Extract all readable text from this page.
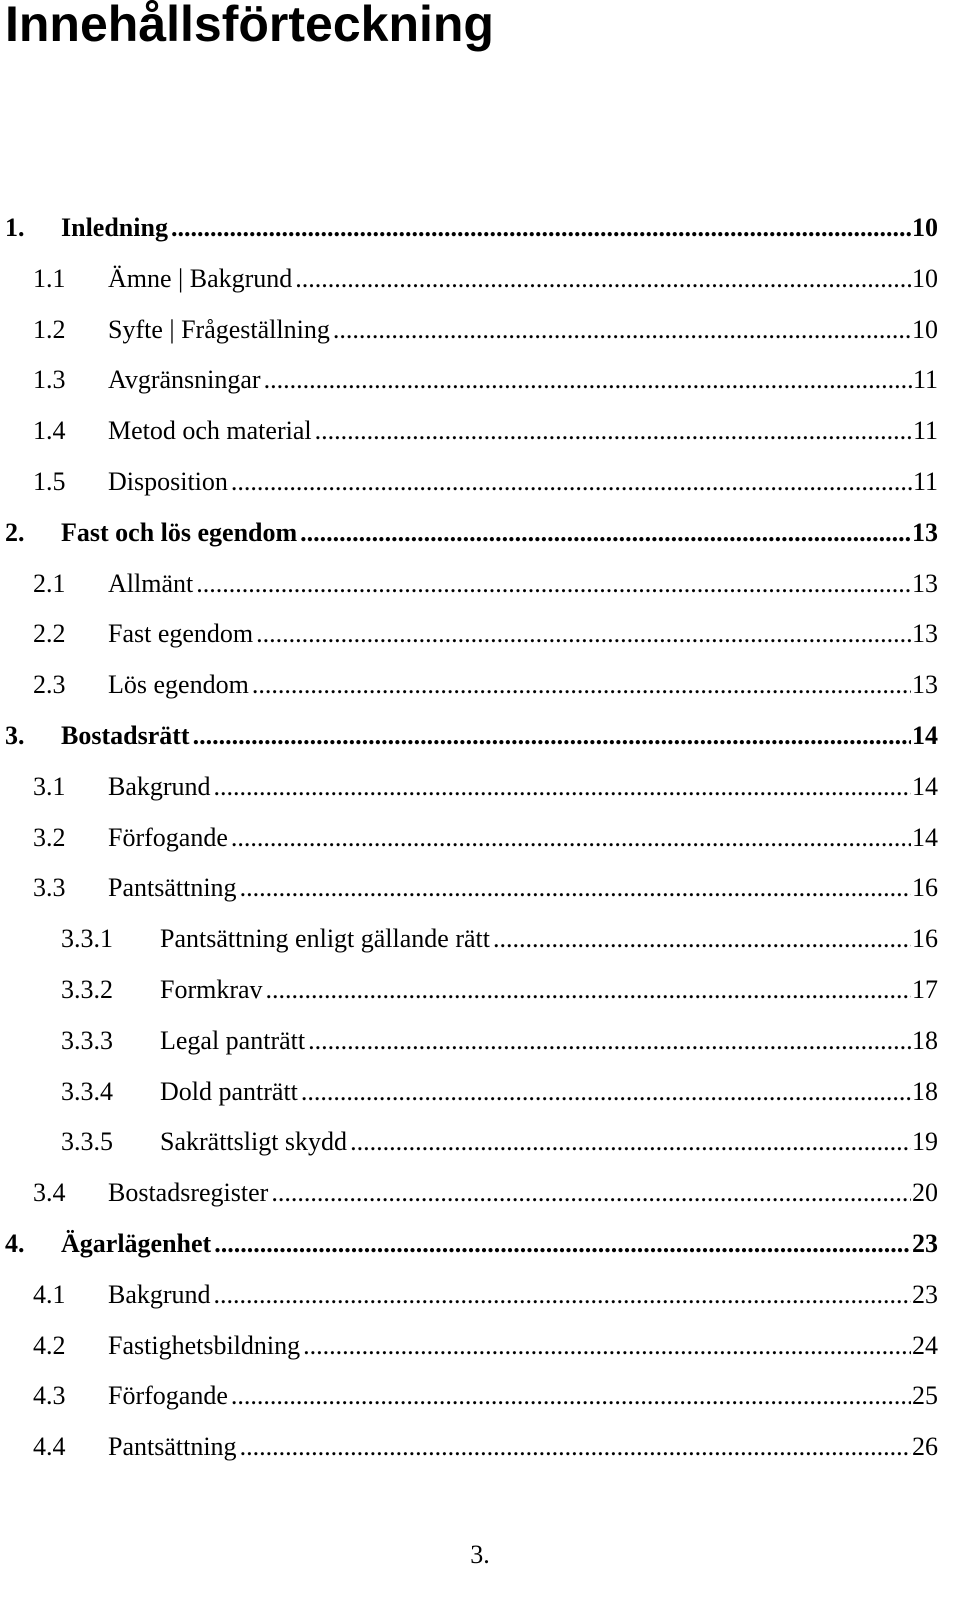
Innehållsförteckning
1. Inledning .....	10
1.1 Ämne | Bakgrund .....	10
1.2 Syfte | Frågeställning .....	10
1.3 Avgränsningar .....	11
1.4 Metod och material .....	11
1.5 Disposition .....	11
2. Fast och lös egendom .....	13
2.1 Allmänt .....	13
2.2 Fast egendom .....	13
2.3 Lös egendom .....	13
3. Bostadsrätt .....	14
3.1 Bakgrund .....	14
3.2 Förfogande .....	14
3.3 Pantsättning .....	16
3.3.1 Pantsättning enligt gällande rätt .....	16
3.3.2 Formkrav .....	17
3.3.3 Legal panträtt .....	18
3.3.4 Dold panträtt .....	18
3.3.5 Sakrättsligt skydd .....	19
3.4 Bostadsregister .....	20
4. Ägarlägenhet .....	23
4.1 Bakgrund .....	23
4.2 Fastighetsbildning .....	24
4.3 Förfogande .....	25
4.4 Pantsättning .....	26
3.
